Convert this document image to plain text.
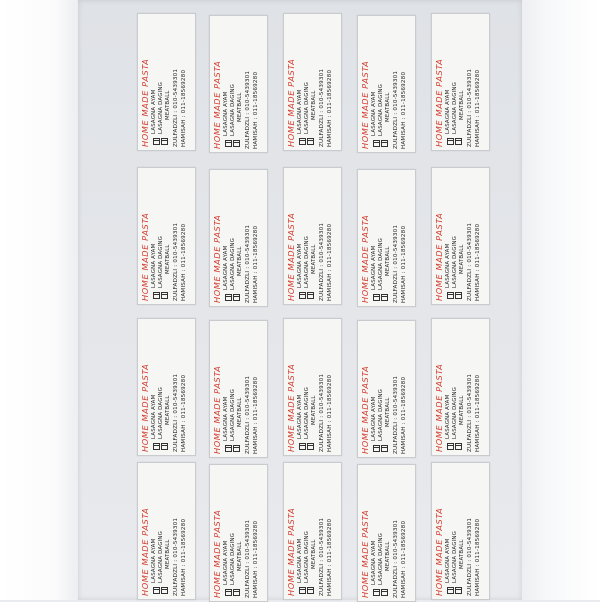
HOME MADE PASTA LASAGNA AYAM LASAGNA DAGING MEATBALL ZULFADZLI : 010-5439301 HAMISAH : 011-18569280	HOME MADE PASTA LASAGNA AYAM LASAGNA DAGING MEATBALL ZULFADZLI : 010-5439301 HAMISAH : 011-18569280	HOME MADE PASTA LASAGNA AYAM LASAGNA DAGING MEATBALL ZULFADZLI : 010-5439301 HAMISAH : 011-18569280	HOME MADE PASTA LASAGNA AYAM LASAGNA DAGING MEATBALL ZULFADZLI : 010-5439301 HAMISAH : 011-18569280	HOME MADE PASTA LASAGNA AYAM LASAGNA DAGING MEATBALL ZULFADZLI : 010-5439301 HAMISAH : 011-18569280
HOME MADE PASTA LASAGNA AYAM LASAGNA DAGING MEATBALL ZULFADZLI : 010-5439301 HAMISAH : 011-18569280	HOME MADE PASTA LASAGNA AYAM LASAGNA DAGING MEATBALL ZULFADZLI : 010-5439301 HAMISAH : 011-18569280	HOME MADE PASTA LASAGNA AYAM LASAGNA DAGING MEATBALL ZULFADZLI : 010-5439301 HAMISAH : 011-18569280	HOME MADE PASTA LASAGNA AYAM LASAGNA DAGING MEATBALL ZULFADZLI : 010-5439301 HAMISAH : 011-18569280	HOME MADE PASTA LASAGNA AYAM LASAGNA DAGING MEATBALL ZULFADZLI : 010-5439301 HAMISAH : 011-18569280
HOME MADE PASTA LASAGNA AYAM LASAGNA DAGING MEATBALL ZULFADZLI : 010-5439301 HAMISAH : 011-18569280	HOME MADE PASTA LASAGNA AYAM LASAGNA DAGING MEATBALL ZULFADZLI : 010-5439301 HAMISAH : 011-18569280	HOME MADE PASTA LASAGNA AYAM LASAGNA DAGING MEATBALL ZULFADZLI : 010-5439301 HAMISAH : 011-18569280	HOME MADE PASTA LASAGNA AYAM LASAGNA DAGING MEATBALL ZULFADZLI : 010-5439301 HAMISAH : 011-18569280	HOME MADE PASTA LASAGNA AYAM LASAGNA DAGING MEATBALL ZULFADZLI : 010-5439301 HAMISAH : 011-18569280
HOME MADE PASTA LASAGNA AYAM LASAGNA DAGING MEATBALL ZULFADZLI : 010-5439301 HAMISAH : 011-18569280	HOME MADE PASTA LASAGNA AYAM LASAGNA DAGING MEATBALL ZULFADZLI : 010-5439301 HAMISAH : 011-18569280	HOME MADE PASTA LASAGNA AYAM LASAGNA DAGING MEATBALL ZULFADZLI : 010-5439301 HAMISAH : 011-18569280	HOME MADE PASTA LASAGNA AYAM LASAGNA DAGING MEATBALL ZULFADZLI : 010-5439301 HAMISAH : 011-18569280	HOME MADE PASTA LASAGNA AYAM LASAGNA DAGING MEATBALL ZULFADZLI : 010-5439301 HAMISAH : 011-18569280
